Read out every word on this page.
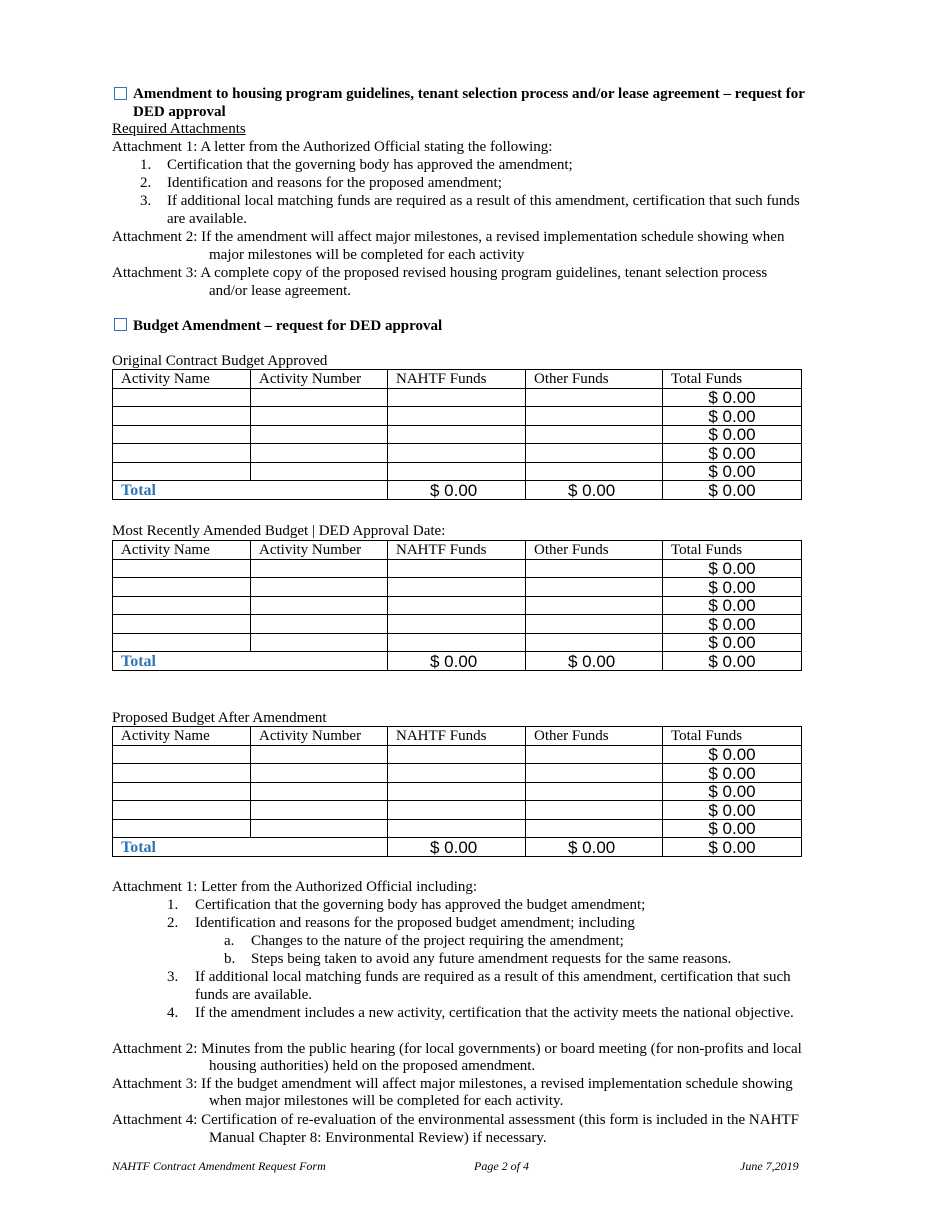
Amendment to housing program guidelines, tenant selection process and/or lease agreement – request for
DED approval
Required Attachments
Attachment 1: A letter from the Authorized Official stating the following:
1. Certification that the governing body has approved the amendment;
2. Identification and reasons for the proposed amendment;
3. If additional local matching funds are required as a result of this amendment, certification that such funds
are available.
Attachment 2: If the amendment will affect major milestones, a revised implementation schedule showing when
major milestones will be completed for each activity
Attachment 3: A complete copy of the proposed revised housing program guidelines, tenant selection process
and/or lease agreement.
Budget Amendment – request for DED approval
Original Contract Budget Approved
Activity Name	Activity Number	NAHTF Funds	Other Funds	Total Funds
				$ 0.00
				$ 0.00
				$ 0.00
				$ 0.00
				$ 0.00
Total		$ 0.00	$ 0.00	$ 0.00
Most Recently Amended Budget | DED Approval Date:
Activity Name	Activity Number	NAHTF Funds	Other Funds	Total Funds
				$ 0.00
				$ 0.00
				$ 0.00
				$ 0.00
				$ 0.00
Total		$ 0.00	$ 0.00	$ 0.00
Proposed Budget After Amendment
Activity Name	Activity Number	NAHTF Funds	Other Funds	Total Funds
				$ 0.00
				$ 0.00
				$ 0.00
				$ 0.00
				$ 0.00
Total		$ 0.00	$ 0.00	$ 0.00
Attachment 1: Letter from the Authorized Official including:
1. Certification that the governing body has approved the budget amendment;
2. Identification and reasons for the proposed budget amendment; including
a. Changes to the nature of the project requiring the amendment;
b. Steps being taken to avoid any future amendment requests for the same reasons.
3. If additional local matching funds are required as a result of this amendment, certification that such
funds are available.
4. If the amendment includes a new activity, certification that the activity meets the national objective.
Attachment 2: Minutes from the public hearing (for local governments) or board meeting (for non-profits and local
housing authorities) held on the proposed amendment.
Attachment 3: If the budget amendment will affect major milestones, a revised implementation schedule showing
when major milestones will be completed for each activity.
Attachment 4: Certification of re-evaluation of the environmental assessment (this form is included in the NAHTF
Manual Chapter 8: Environmental Review) if necessary.
NAHTF Contract Amendment Request Form	Page 2 of 4	June 7,2019
